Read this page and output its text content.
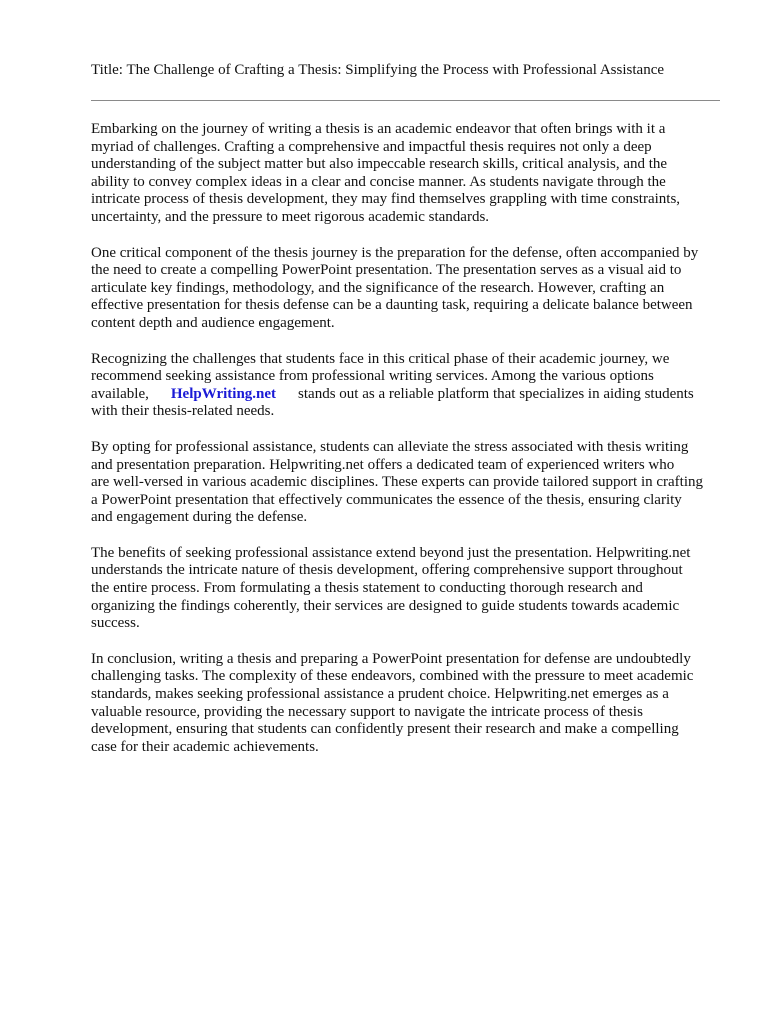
Title: The Challenge of Crafting a Thesis: Simplifying the Process with Professional Assistance

Embarking on the journey of writing a thesis is an academic endeavor that often brings with it a
myriad of challenges. Crafting a comprehensive and impactful thesis requires not only a deep
understanding of the subject matter but also impeccable research skills, critical analysis, and the
ability to convey complex ideas in a clear and concise manner. As students navigate through the
intricate process of thesis development, they may find themselves grappling with time constraints,
uncertainty, and the pressure to meet rigorous academic standards.

One critical component of the thesis journey is the preparation for the defense, often accompanied by
the need to create a compelling PowerPoint presentation. The presentation serves as a visual aid to
articulate key findings, methodology, and the significance of the research. However, crafting an
effective presentation for thesis defense can be a daunting task, requiring a delicate balance between
content depth and audience engagement.

Recognizing the challenges that students face in this critical phase of their academic journey, we
recommend seeking assistance from professional writing services. Among the various options
available, HelpWriting.net stands out as a reliable platform that specializes in aiding students
with their thesis-related needs.

By opting for professional assistance, students can alleviate the stress associated with thesis writing
and presentation preparation. Helpwriting.net offers a dedicated team of experienced writers who
are well-versed in various academic disciplines. These experts can provide tailored support in crafting
a PowerPoint presentation that effectively communicates the essence of the thesis, ensuring clarity
and engagement during the defense.

The benefits of seeking professional assistance extend beyond just the presentation. Helpwriting.net
understands the intricate nature of thesis development, offering comprehensive support throughout
the entire process. From formulating a thesis statement to conducting thorough research and
organizing the findings coherently, their services are designed to guide students towards academic
success.

In conclusion, writing a thesis and preparing a PowerPoint presentation for defense are undoubtedly
challenging tasks. The complexity of these endeavors, combined with the pressure to meet academic
standards, makes seeking professional assistance a prudent choice. Helpwriting.net emerges as a
valuable resource, providing the necessary support to navigate the intricate process of thesis
development, ensuring that students can confidently present their research and make a compelling
case for their academic achievements.
